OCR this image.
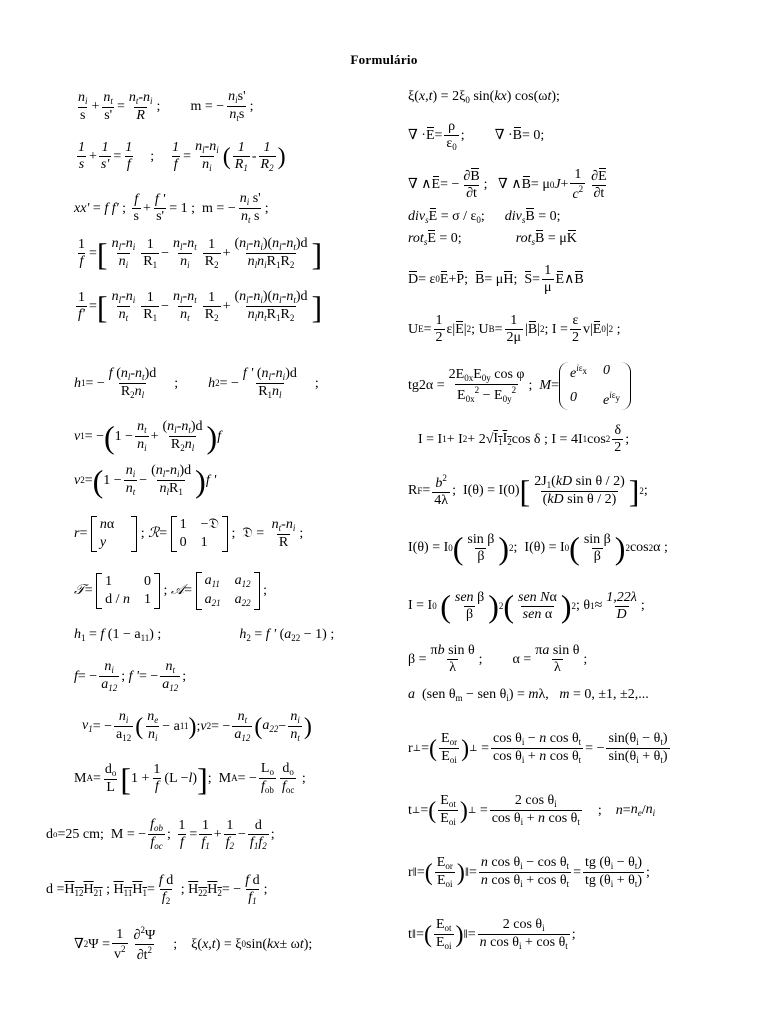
Formulário
$\frac{n_i}{s} + \frac{n_t}{s'} = \frac{n_t-n_i}{R}$ ;
m = − $\frac{n_is'}{n_ts}$ ;
$\frac{1}{s} + \frac{1}{s'} = \frac{1}{f}$ ; $\frac{1}{f} = \frac{n_l-n_i}{n_i}$ ( $\frac{1}{R_1} - \frac{1}{R_2}$ )
xx' = f f' ; $\frac{f}{s} + \frac{f '}{s'} = 1$ ;  m = − $\frac{n_i s'}{n_t s}$ ;
$\frac{1}{f}$ = [ $\frac{n_l-n_i}{n_i} \frac{1}{R_1} - \frac{n_l-n_t}{n_i} \frac{1}{R_2} + \frac{(n_l-n_i)(n_l-n_t)d}{n_ln_iR_1R_2}$ ]
$\frac{1}{f'}$ = [ $\frac{n_l-n_i}{n_t} \frac{1}{R_1} - \frac{n_l-n_t}{n_t} \frac{1}{R_2} + \frac{(n_l-n_i)(n_l-n_t)d}{n_ln_tR_1R_2}$ ]
h 1 = − $\frac{f (n_l-n_t)d}{R_2n_l}$ ; h 2 = − $\frac{f ' (n_l-n_i)d}{R_1n_l}$ ;
v 1 = − ( $1 - \frac{n_t}{n_i} + \frac{(n_l-n_t)d}{R_2n_l}$ ) f
v 2 = ( $1 - \frac{n_i}{n_t} - \frac{(n_l-n_i)d}{n_lR_1}$ ) f '
r =
nα
y
; ℛ =
1 −𝔇
0 1
;  𝔇 = $\frac{n_t-n_i}{R}$ ;
𝒯 =
1	0
d / n 1
; 𝒜 =
$a_{11}$ $a_{12}$
$a_{21}$ $a_{22}$
;
$h_1 = f$ $(1 - a_{11})$ ;	$h_2 = f$ ' $(a_{22} - 1)$ ;
f = − $\frac{n_i}{a_{12}}$ ; f ' = − $\frac{n_t}{a_{12}}$ ;
$v_1$ = − $\frac{n_i}{a_{12}}$ ( $\frac{n_e}{n_i} - a$ 11 ) ; v 2 = − $\frac{n_t}{a_{12}}$ ( $a_{22} - \frac{n_i}{n_t}$ )
M $A = \frac{d_o}{L}$ [ $1 + \frac{1}{f} (L - l$ ) ] ;  M A = − $\frac{L_o}{f_{ob}} \frac{d_o}{f_{oc}}$ ;
d o =25 cm;  M = − $\frac{f_{ob}}{f_{oc}}$ ; $\frac{1}{f} = \frac{1}{f_1} + \frac{1}{f_2} - \frac{d}{f_1f_2}$ ;
$d = H_{12}H_{21}$ ; $H_{11}H_1 = \frac{\text{f d}}{f_2}$ ; $H_{22}H_2$ = − $\frac{\text{f d}}{f_1}$ ;
∇ 2 $\Psi = \frac{1}{v^2} \frac{\partial^2\Psi}{\partial t^2}$ ;
ξ( x , t ) = ξ 0 sin( kx ± ω t );
$\xi(x,t) = 2\xi_0$ sin(kx) cos(ωt);
∇ · $E = \frac{\rho}{\varepsilon_0}$ ;
∇ · B = 0;
∇ ∧ E = − $\frac{\partial B}{\partial t}$ ;   ∇ ∧ B = μ 0 $J + \frac{1}{c^2} \frac{\partial E}{\partial t}$
$div_sE = \sigma / \varepsilon_0$; div$_s$B = 0;
rot$_s$E = 0;	rot$_s$B = μK
D = ε 0 E + P ; B = μ H ; $S = \frac{1}{\mu}$ E ∧ B
U $E = \frac{1}{2} \varepsilon|$ E | 2 ; U $B = \frac{1}{2\mu}$ | B | 2 ; $I = \frac{\varepsilon}{2} v|$ E 0 | 2 ;
$tg2\alpha = \frac{2E_{0x}E_{0y} \cos \varphi}{E_{0x}^2 - E_{0y}^2}$ ; M =
$e^{i\varepsilon x}$ 0
0	$e^{i\varepsilon y}$
I = I 1 + I 2 + 2√ $I_1I_2$ cos δ ; I = 4I 1 $\cos 2 \frac{\delta}{2}$ ;
R $F = \frac{b^2}{4\lambda}$ ;  I(θ) = I(0) [ $\frac{2J_1(kD \sin \theta / 2)}{\text{(kD sin θ / 2)}}$ ] 2 ;
I(θ) = I 0 ( $\frac{\text{sin β}}{\beta}$ ) 2 ;  I(θ) = I 0 ( $\frac{\text{sin β}}{\beta}$ ) 2 cos 2 α ;
I = I 0
( $\frac{\text{sen β}}{\beta}$ ) 2 ( $\frac{\text{sen Nα}}{\text{sen α}}$ ) 2 ; θ $1 \approx \frac{1,22\lambda}{D}$ ;
$\beta = \frac{\text{πb sin θ}}{\lambda}$ ;
$\alpha = \frac{\text{πa sin θ}}{\lambda}$ ;
a  (sen $\theta_m$ − sen $\theta_i) = m\lambda$,   m = 0, ±1, ±2,...
r ⊥ = ( $\frac{E_{or}}{E_{oi}}$ ) ⊥ = $\frac{\cos \theta_i - n \cos \theta_t}{\cos \theta_i + n \cos \theta_t}$ = − $\frac{\sin(\theta_i - \theta_t)}{\sin(\theta_i + \theta_t)}$
t ⊥ = ( $\frac{E_{ot}}{E_{oi}}$ ) ⊥ = $\frac{2 \cos \theta_i}{\cos \theta_i + n \cos \theta_t}$ ; $n = n_e / n_i$
r ∥ = ( $\frac{E_{or}}{E_{oi}}$ ) ∥ = $\frac{n \cos \theta_i - \cos \theta_t}{n \cos \theta_i + \cos \theta_t} = \frac{tg (\theta_i - \theta_t)}{tg (\theta_i + \theta_t)}$ ;
t ∥ = ( $\frac{E_{ot}}{E_{oi}}$ ) ∥ = $\frac{2 \cos \theta_i}{n \cos \theta_i + \cos \theta_t}$ ;
